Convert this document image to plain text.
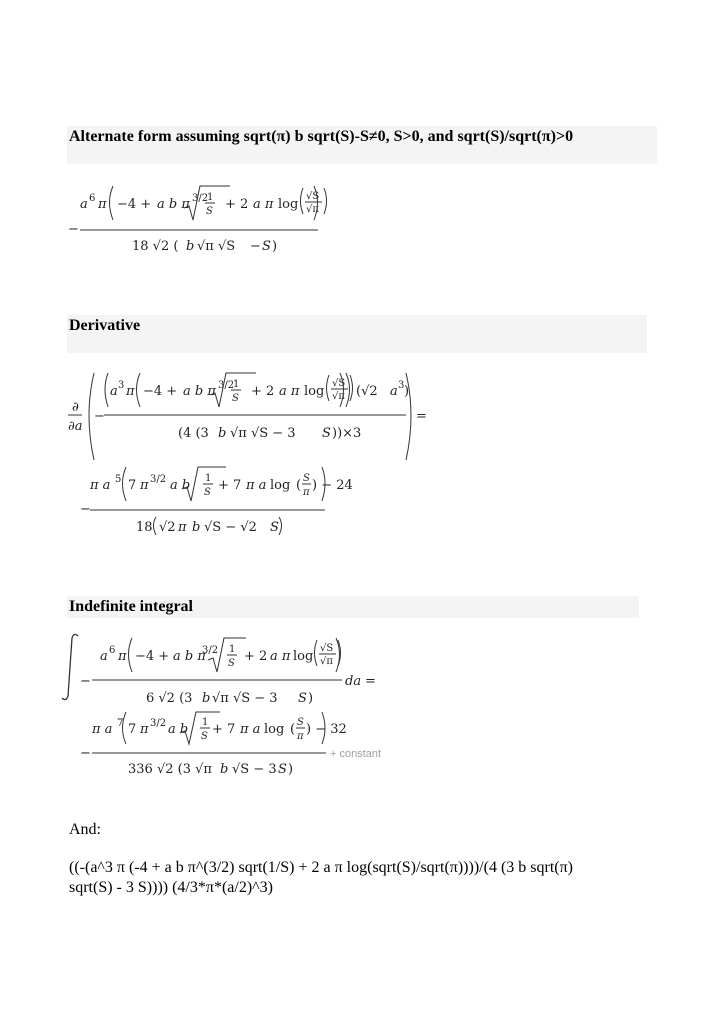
Alternate form assuming sqrt(π) b sqrt(S)-S≠0, S>0, and sqrt(S)/sqrt(π)>0
−
a 6 π −4 + a b π 3/2
1
S + 2 a π log
√S
√π
18 √2 ( b √π √S − S )
Derivative
∂
∂a
−
a 3 π −4 + a b π 3/2
1
S + 2 a π log
√S
√π (√2 a 3 )
(4 (3 b √π √S − 3 S ))×3
=
−
π a 5 7 π 3/2 a b 1
S + 7 π a log ( S
π ) − 24
18 √2 π b √S − √2 S
Indefinite integral
−
a 6 π −4 + a b π
3/2 1
S + 2 a π log
√S
√π
6 √2 (3 b √π √S − 3 S )
da =
−
π a 7 7 π 3/2 a b 1
S + 7 π a log ( S
π ) − 32
336 √2 (3 √π b √S − 3 S )
+ constant
And:
((-(a^3 π (-4 + a b π^(3/2) sqrt(1/S) + 2 a π log(sqrt(S)/sqrt(π))))/(4 (3 b sqrt(π)
sqrt(S) - 3 S)))) (4/3*π*(a/2)^3)
